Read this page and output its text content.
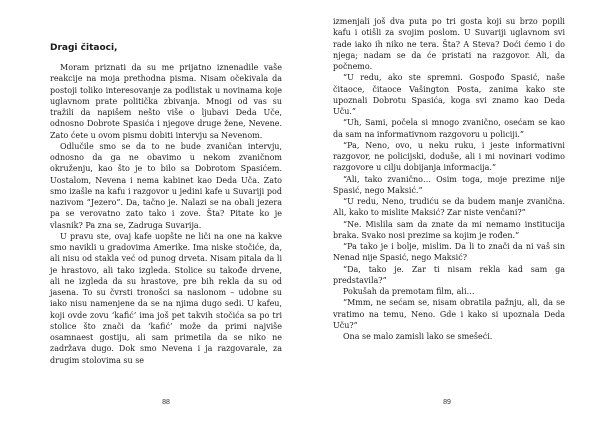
Dragi čitaoci,

Moram priznati da su me prijatno iznenadile vaše reakcije na moja prethodna pisma. Nisam očekivala da postoji toliko interesovanje za podlistak u novinama koje uglavnom prate politička zbivanja. Mnogi od vas su tražili da napišem nešto više o ljubavi Deda Uče, odnosno Dobrote Spasića i njegove druge žene, Nevene. Zato ćete u ovom pismu dobiti intervju sa Nevenom.

Odlučile smo se da to ne bude zvaničan intervju, odnosno da ga ne obavimo u nekom zvaničnom okruženju, kao što je to bilo sa Dobrotom Spasićem. Uostalom, Nevena i nema kabinet kao Deda Uča. Zato smo izašle na kafu i razgovor u jedini kafe u Suvariji pod nazivom “Jezero”. Da, tačno je. Nalazi se na obali jezera pa se verovatno zato tako i zove. Šta? Pitate ko je vlasnik? Pa zna se, Zadruga Suvarija.

U pravu ste, ovaj kafe uopšte ne liči na one na kakve smo navikli u gradovima Amerike. Ima niske stočiće, da, ali nisu od stakla već od punog drveta. Nisam pitala da li je hrastovo, ali tako izgleda. Stolice su takođe drvene, ali ne izgleda da su hrastove, pre bih rekla da su od jasena. To su čvrsti tronošci sa naslonom – udobne su iako nisu namenjene da se na njima dugo sedi. U kafeu, koji ovde zovu ‘kafić’ ima još pet takvih stočića sa po tri stolice što znači da ‘kafić’ može da primi najviše osamnaest gostiju, ali sam primetila da se niko ne zadržava dugo. Dok smo Nevena i ja razgovarale, za drugim stolovima su se

88

izmenjali još dva puta po tri gosta koji su brzo popili kafu i otišli za svojim poslom. U Suvariji uglavnom svi rade iako ih niko ne tera. Šta? A Steva? Doći ćemo i do njega; nadam se da će pristati na razgovor. Ali, da počnemo.

“U redu, ako ste spremni. Gospođo Spasić, naše čitaoce, čitaoce Vašington Posta, zanima kako ste upoznali Dobrotu Spasića, koga svi znamo kao Deda Uču.”

“Uh, Sami, počela si mnogo zvanično, osećam se kao da sam na informativnom razgovoru u policiji.”

“Pa, Neno, ovo, u neku ruku, i jeste informativni razgovor, ne policijski, doduše, ali i mi novinari vodimo razgovore u cilju dobijanja informacija.”

“Ali, tako zvanično… Osim toga, moje prezime nije Spasić, nego Maksić.”

“U redu, Neno, trudiću se da budem manje zvanična. Ali, kako to mislite Maksić? Zar niste venčani?”

“Ne. Mislila sam da znate da mi nemamo institucija braka. Svako nosi prezime sa kojim je rođen.”

“Pa tako je i bolje, mislim. Da li to znači da ni vaš sin Nenad nije Spasić, nego Maksić?

“Da, tako je. Zar ti nisam rekla kad sam ga predstavila?”

Pokušah da premotam film, ali…

“Mmm, ne sećam se, nisam obratila pažnju, ali, da se vratimo na temu, Neno. Gde i kako si upoznala Deda Uču?”

Ona se malo zamisli lako se smešeći.

89
